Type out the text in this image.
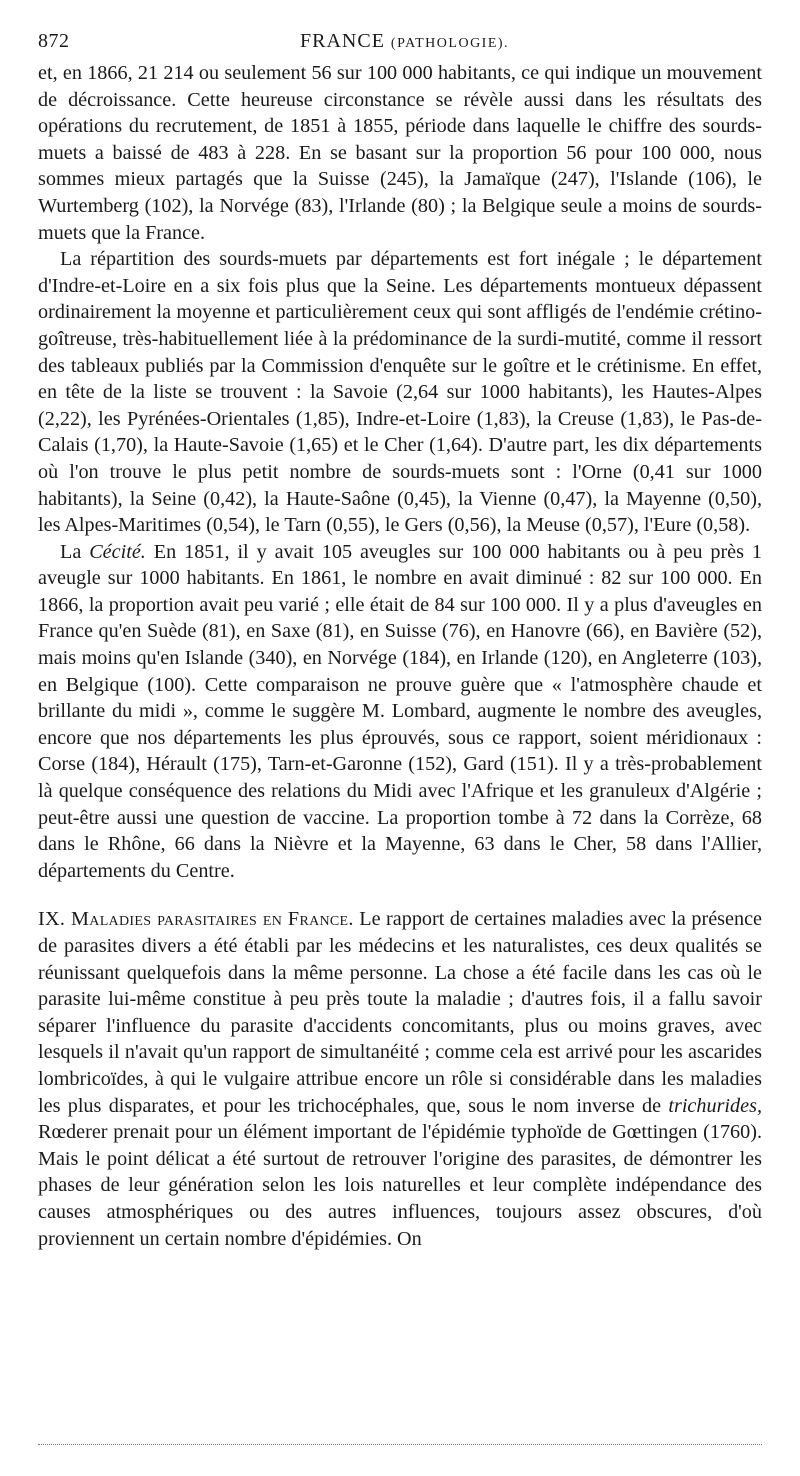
872	FRANCE (PATHOLOGIE).

et, en 1866, 21 214 ou seulement 56 sur 100 000 habitants, ce qui indique un mouvement de décroissance. Cette heureuse circonstance se révèle aussi dans les résultats des opérations du recrutement, de 1851 à 1855, période dans laquelle le chiffre des sourds-muets a baissé de 483 à 228. En se basant sur la proportion 56 pour 100 000, nous sommes mieux partagés que la Suisse (245), la Jamaïque (247), l'Islande (106), le Wurtemberg (102), la Norvége (83), l'Irlande (80) ; la Belgique seule a moins de sourds-muets que la France.

La répartition des sourds-muets par départements est fort inégale ; le département d'Indre-et-Loire en a six fois plus que la Seine. Les départements montueux dépassent ordinairement la moyenne et particulièrement ceux qui sont affligés de l'endémie crétino-goîtreuse, très-habituellement liée à la prédominance de la surdi-mutité, comme il ressort des tableaux publiés par la Commission d'enquête sur le goître et le crétinisme. En effet, en tête de la liste se trouvent : la Savoie (2,64 sur 1000 habitants), les Hautes-Alpes (2,22), les Pyrénées-Orientales (1,85), Indre-et-Loire (1,83), la Creuse (1,83), le Pas-de-Calais (1,70), la Haute-Savoie (1,65) et le Cher (1,64). D'autre part, les dix départements où l'on trouve le plus petit nombre de sourds-muets sont : l'Orne (0,41 sur 1000 habitants), la Seine (0,42), la Haute-Saône (0,45), la Vienne (0,47), la Mayenne (0,50), les Alpes-Maritimes (0,54), le Tarn (0,55), le Gers (0,56), la Meuse (0,57), l'Eure (0,58).

La Cécité. En 1851, il y avait 105 aveugles sur 100 000 habitants ou à peu près 1 aveugle sur 1000 habitants. En 1861, le nombre en avait diminué : 82 sur 100 000. En 1866, la proportion avait peu varié ; elle était de 84 sur 100 000. Il y a plus d'aveugles en France qu'en Suède (81), en Saxe (81), en Suisse (76), en Hanovre (66), en Bavière (52), mais moins qu'en Islande (340), en Norvége (184), en Irlande (120), en Angleterre (103), en Belgique (100). Cette comparaison ne prouve guère que « l'atmosphère chaude et brillante du midi », comme le suggère M. Lombard, augmente le nombre des aveugles, encore que nos départements les plus éprouvés, sous ce rapport, soient méridionaux : Corse (184), Hérault (175), Tarn-et-Garonne (152), Gard (151). Il y a très-probablement là quelque conséquence des relations du Midi avec l'Afrique et les granuleux d'Algérie ; peut-être aussi une question de vaccine. La proportion tombe à 72 dans la Corrèze, 68 dans le Rhône, 66 dans la Nièvre et la Mayenne, 63 dans le Cher, 58 dans l'Allier, départements du Centre.

IX. Maladies parasitaires en France. Le rapport de certaines maladies avec la présence de parasites divers a été établi par les médecins et les naturalistes, ces deux qualités se réunissant quelquefois dans la même personne. La chose a été facile dans les cas où le parasite lui-même constitue à peu près toute la maladie ; d'autres fois, il a fallu savoir séparer l'influence du parasite d'accidents concomitants, plus ou moins graves, avec lesquels il n'avait qu'un rapport de simultanéité ; comme cela est arrivé pour les ascarides lombricoïdes, à qui le vulgaire attribue encore un rôle si considérable dans les maladies les plus disparates, et pour les trichocéphales, que, sous le nom inverse de trichurides, Rœderer prenait pour un élément important de l'épidémie typhoïde de Gœttingen (1760). Mais le point délicat a été surtout de retrouver l'origine des parasites, de démontrer les phases de leur génération selon les lois naturelles et leur complète indépendance des causes atmosphériques ou des autres influences, toujours assez obscures, d'où proviennent un certain nombre d'épidémies. On
